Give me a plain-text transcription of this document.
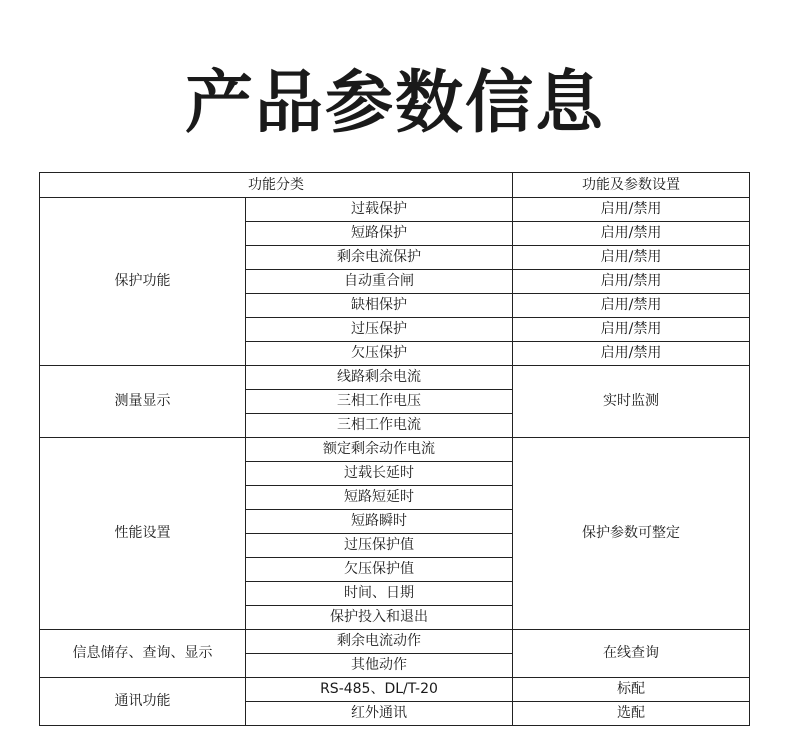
产品参数信息
功能分类		功能及参数设置
保护功能	过载保护	启用/禁用
	短路保护	启用/禁用
	剩余电流保护	启用/禁用
	自动重合闸	启用/禁用
	缺相保护	启用/禁用
	过压保护	启用/禁用
	欠压保护	启用/禁用
测量显示	线路剩余电流	实时监测
	三相工作电压	
	三相工作电流	
性能设置	额定剩余动作电流	保护参数可整定
	过载长延时	
	短路短延时	
	短路瞬时	
	过压保护值	
	欠压保护值	
	时间、日期	
	保护投入和退出	
信息储存、查询、显示	剩余电流动作	在线查询
	其他动作	
通讯功能	RS-485、DL/T-20	标配
	红外通讯	选配
